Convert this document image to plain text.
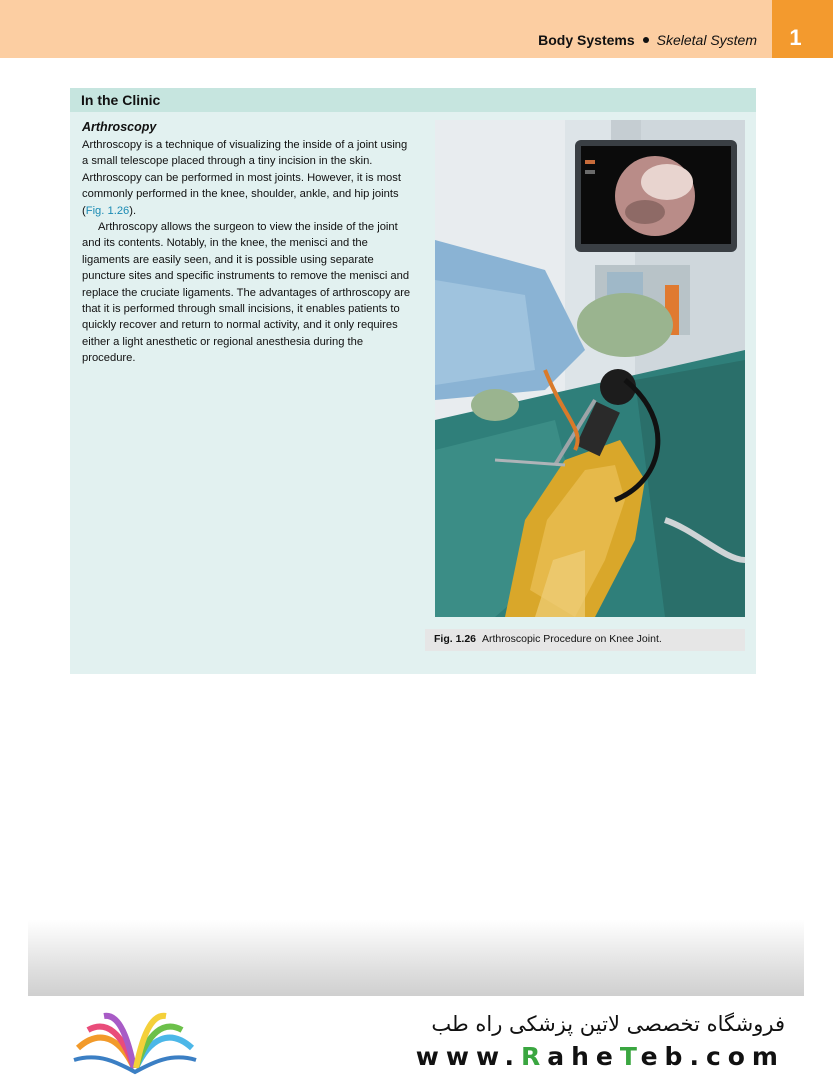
Body Systems Skeletal System 1
In the Clinic
Arthroscopy

Arthroscopy is a technique of visualizing the inside of a joint using a small telescope placed through a tiny incision in the skin. Arthroscopy can be performed in most joints. However, it is most commonly performed in the knee, shoulder, ankle, and hip joints (Fig. 1.26).

Arthroscopy allows the surgeon to view the inside of the joint and its contents. Notably, in the knee, the menisci and the ligaments are easily seen, and it is possible using separate puncture sites and specific instruments to remove the menisci and replace the cruciate ligaments. The advantages of arthroscopy are that it is performed through small incisions, it enables patients to quickly recover and return to normal activity, and it only requires either a light anesthetic or regional anesthesia during the procedure.

Fig. 1.26 Arthroscopic Procedure on Knee Joint.
فروشگاه تخصصی لاتین پزشکی راه طب
www.RaheTeb.com
